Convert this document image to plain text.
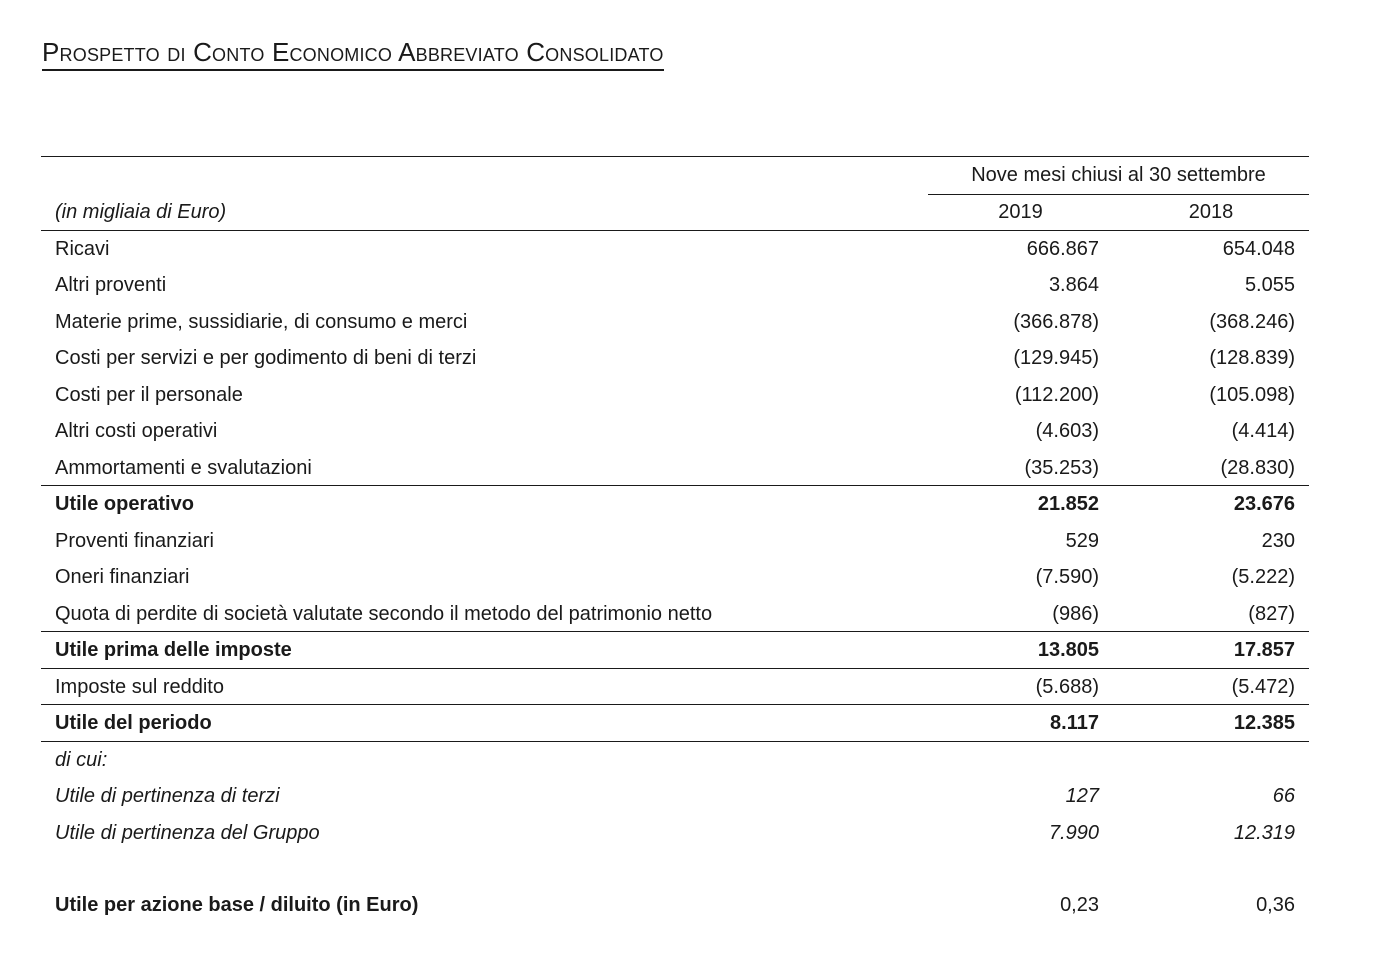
Prospetto di Conto Economico Abbreviato Consolidato
Nove mesi chiusi al 30 settembre
(in migliaia di Euro)	2019	2018
Ricavi	666.867	654.048
Altri proventi	3.864	5.055
Materie prime, sussidiarie, di consumo e merci	(366.878)	(368.246)
Costi per servizi e per godimento di beni di terzi	(129.945)	(128.839)
Costi per il personale	(112.200)	(105.098)
Altri costi operativi	(4.603)	(4.414)
Ammortamenti e svalutazioni	(35.253)	(28.830)
Utile operativo	21.852	23.676
Proventi finanziari	529	230
Oneri finanziari	(7.590)	(5.222)
Quota di perdite di società valutate secondo il metodo del patrimonio netto	(986)	(827)
Utile prima delle imposte	13.805	17.857
Imposte sul reddito	(5.688)	(5.472)
Utile del periodo	8.117	12.385
di cui:
Utile di pertinenza di terzi	127	66
Utile di pertinenza del Gruppo	7.990	12.319
Utile per azione base / diluito (in Euro)	0,23	0,36
